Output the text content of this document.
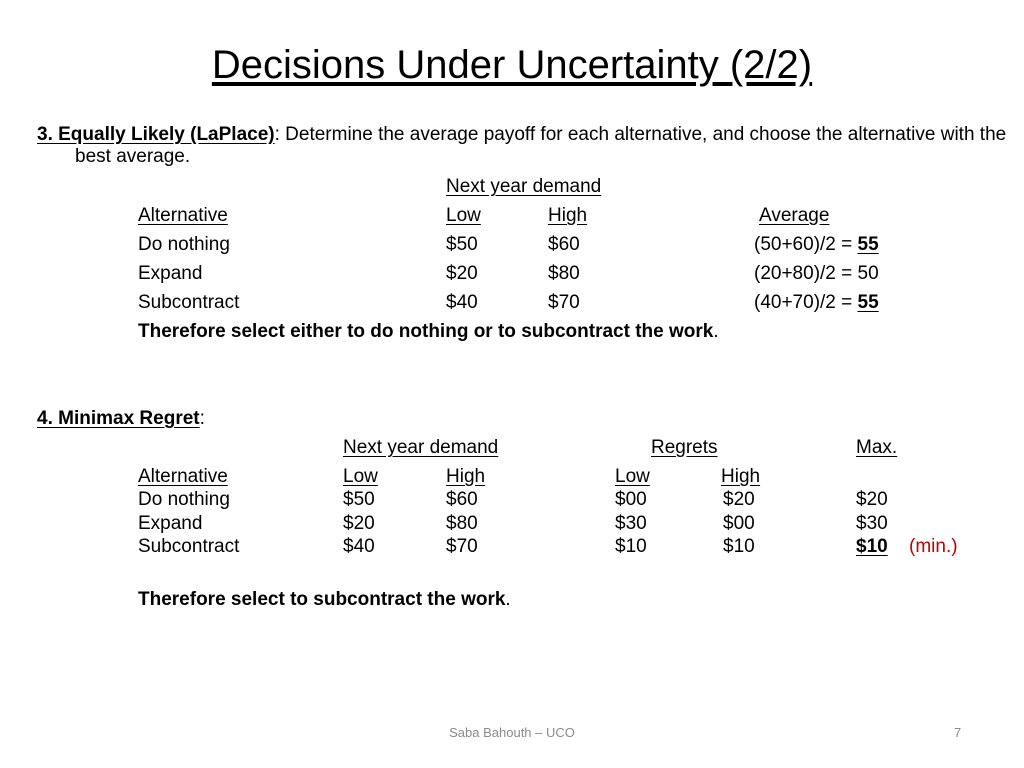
Decisions Under Uncertainty (2/2)
3. Equally Likely (LaPlace): Determine the average payoff for each alternative, and choose the alternative with the best average.
Next year demand
Alternative	Low	High	Average
Do nothing	$50	$60	(50+60)/2 = 55
Expand	$20	$80	(20+80)/2 = 50
Subcontract	$40	$70	(40+70)/2 = 55
Therefore select either to do nothing or to subcontract the work.
4. Minimax Regret:
Next year demand	Regrets	Max.
Alternative	Low	High	Low	High
Do nothing	$50	$60	$00	$20	$20
Expand	$20	$80	$30	$00	$30
Subcontract	$40	$70	$10	$10	$10 (min.)
Therefore select to subcontract the work.
Saba Bahouth – UCO	7
